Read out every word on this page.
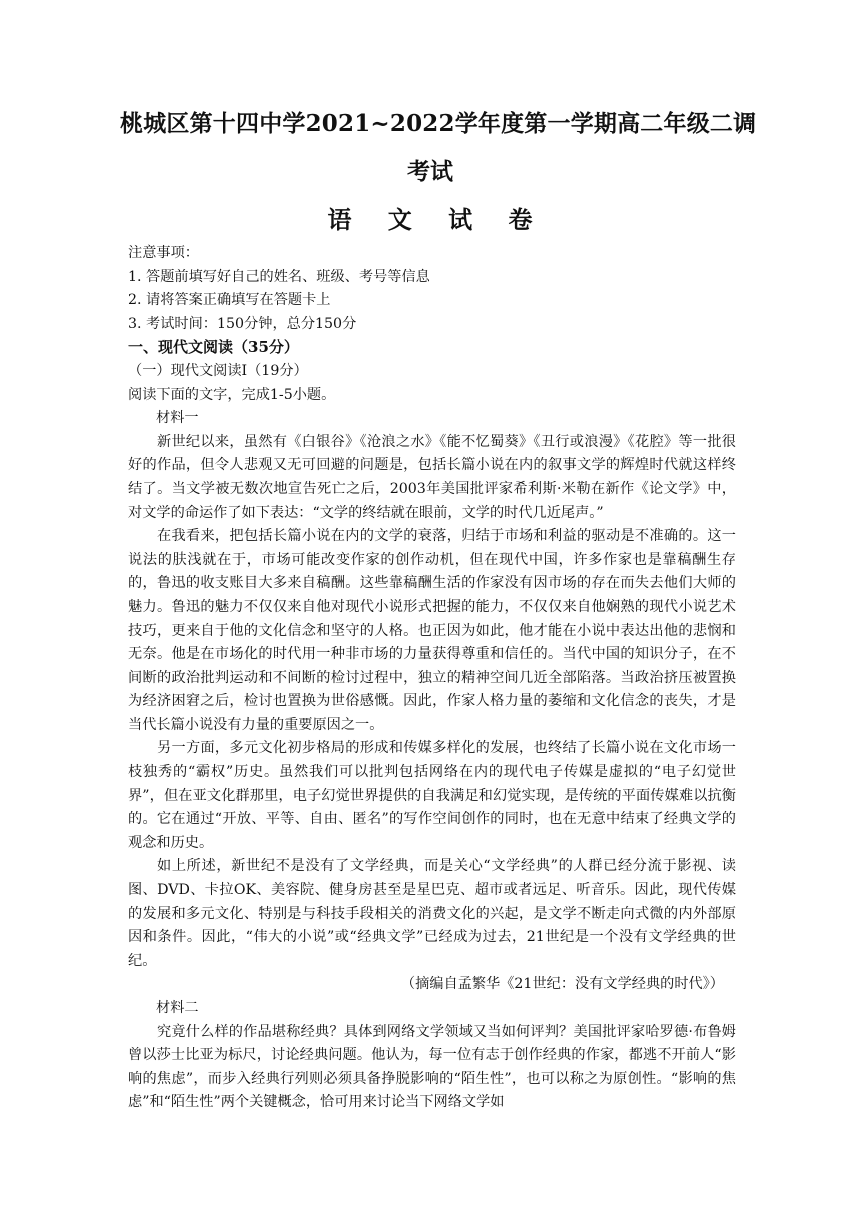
桃城区第十四中学2021~2022学年度第一学期高二年级二调
考试
语 文 试 卷

注意事项：

1. 答题前填写好自己的姓名、班级、考号等信息

2. 请将答案正确填写在答题卡上

3. 考试时间：150分钟，总分150分

一、现代文阅读（35分）

（一）现代文阅读Ⅰ（19分）

阅读下面的文字，完成1-5小题。

材料一

新世纪以来，虽然有《白银谷》《沧浪之水》《能不忆蜀葵》《丑行或浪漫》《花腔》等一批很好的作品，但令人悲观又无可回避的问题是，包括长篇小说在内的叙事文学的辉煌时代就这样终结了。当文学被无数次地宣告死亡之后，2003年美国批评家希利斯·米勒在新作《论文学》中，对文学的命运作了如下表达：“文学的终结就在眼前，文学的时代几近尾声。”

在我看来，把包括长篇小说在内的文学的衰落，归结于市场和利益的驱动是不准确的。这一说法的肤浅就在于，市场可能改变作家的创作动机，但在现代中国，许多作家也是靠稿酬生存的，鲁迅的收支账目大多来自稿酬。这些靠稿酬生活的作家没有因市场的存在而失去他们大师的魅力。鲁迅的魅力不仅仅来自他对现代小说形式把握的能力，不仅仅来自他娴熟的现代小说艺术技巧，更来自于他的文化信念和坚守的人格。也正因为如此，他才能在小说中表达出他的悲悯和无奈。他是在市场化的时代用一种非市场的力量获得尊重和信任的。当代中国的知识分子，在不间断的政治批判运动和不间断的检讨过程中，独立的精神空间几近全部陷落。当政治挤压被置换为经济困窘之后，检讨也置换为世俗感慨。因此，作家人格力量的萎缩和文化信念的丧失，才是当代长篇小说没有力量的重要原因之一。

另一方面，多元文化初步格局的形成和传媒多样化的发展，也终结了长篇小说在文化市场一枝独秀的“霸权”历史。虽然我们可以批判包括网络在内的现代电子传媒是虚拟的“电子幻觉世界”，但在亚文化群那里，电子幻觉世界提供的自我满足和幻觉实现，是传统的平面传媒难以抗衡的。它在通过“开放、平等、自由、匿名”的写作空间创作的同时，也在无意中结束了经典文学的观念和历史。

如上所述，新世纪不是没有了文学经典，而是关心“文学经典”的人群已经分流于影视、读图、DVD、卡拉OK、美容院、健身房甚至是星巴克、超市或者远足、听音乐。因此，现代传媒的发展和多元文化、特别是与科技手段相关的消费文化的兴起，是文学不断走向式微的内外部原因和条件。因此，“伟大的小说”或“经典文学”已经成为过去，21世纪是一个没有文学经典的世纪。

（摘编自孟繁华《21世纪：没有文学经典的时代》）

材料二

究竟什么样的作品堪称经典？具体到网络文学领域又当如何评判？美国批评家哈罗德·布鲁姆曾以莎士比亚为标尺，讨论经典问题。他认为，每一位有志于创作经典的作家，都逃不开前人“影响的焦虑”，而步入经典行列则必须具备挣脱影响的“陌生性”，也可以称之为原创性。“影响的焦虑”和“陌生性”两个关键概念，恰可用来讨论当下网络文学如
